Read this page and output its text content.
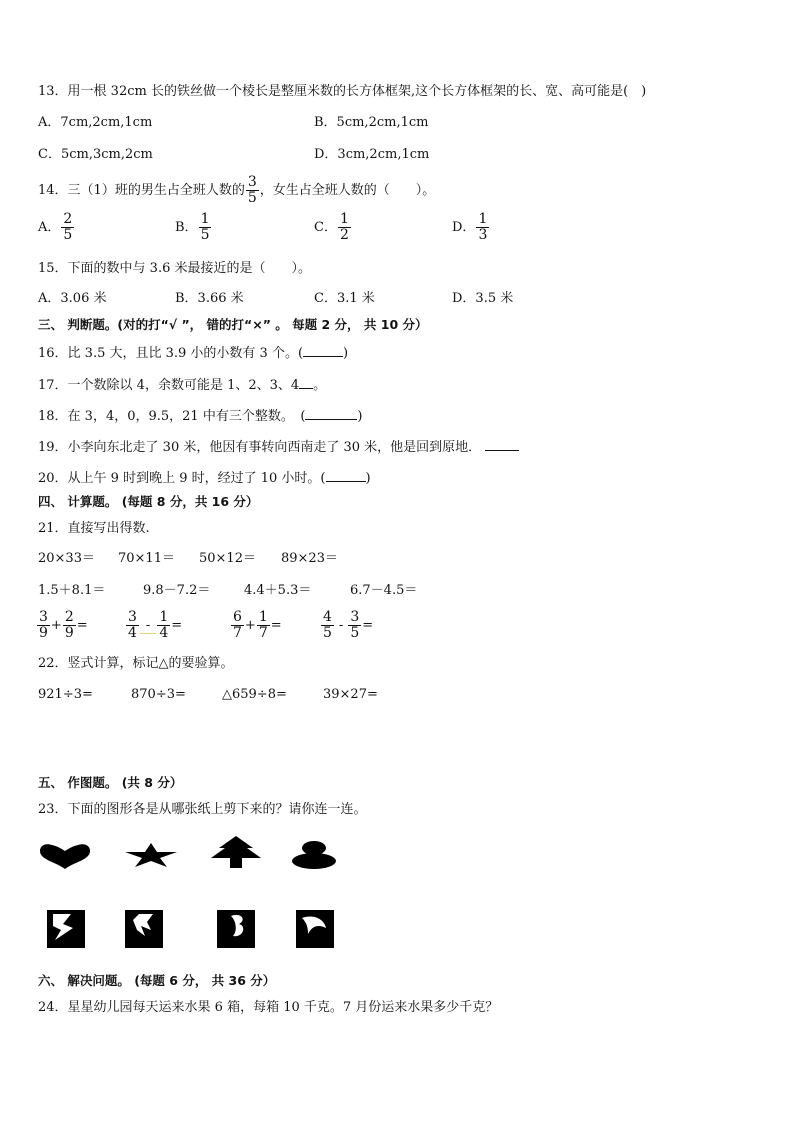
13．用一根 32cm 长的铁丝做一个棱长是整厘米数的长方体框架,这个长方体框架的长、宽、高可能是(　)
A．7cm,2cm,1cm	B．5cm,2cm,1cm
C．5cm,3cm,2cm	D．3cm,2cm,1cm
14．三（1）班的男生占全班人数的 $\frac{3}{5}$ ，女生占全班人数的（　　）。
A． $\frac{2}{5}$	B． $\frac{1}{5}$	C． $\frac{1}{2}$	D． $\frac{1}{3}$
15．下面的数中与 3.6 米最接近的是（　　）。
A．3.06 米	B．3.66 米	C．3.1 米	D．3.5 米
三、 判断题。(对的打“√ ”， 错的打“×” 。 每题 2 分， 共 10 分）
16．比 3.5 大，且比 3.9 小的小数有 3 个。(	)
17．一个数除以 4，余数可能是 1、2、3、4 。
18．在 3，4，0，9.5，21 中有三个整数。　(	)
19．小李向东北走了 30 米，他因有事转向西南走了 30 米，他是回到原地．
20．从上午 9 时到晚上 9 时，经过了 10 小时。(	)
四、 计算题。 (每题 8 分，共 16 分）
21．直接写出得数.
20×33＝ 70×11＝ 50×12＝ 89×23＝
1.5＋8.1＝	9.8－7.2＝	4.4＋5.3＝	6.7－4.5＝
$\frac{3}{9} + \frac{2}{9}$ =	$\frac{3}{4} - \frac{1}{4}$ =	$\frac{6}{7} + \frac{1}{7}$ =	$\frac{4}{5} - \frac{3}{5}$ =
22．竖式计算，标记△的要验算。
921÷3=	870÷3=	△659÷8=	39×27=
五、 作图题。 (共 8 分）
23．下面的图形各是从哪张纸上剪下来的？请你连一连。
六、 解决问题。 (每题 6 分， 共 36 分）
24．星星幼儿园每天运来水果 6 箱，每箱 10 千克。7 月份运来水果多少千克？
